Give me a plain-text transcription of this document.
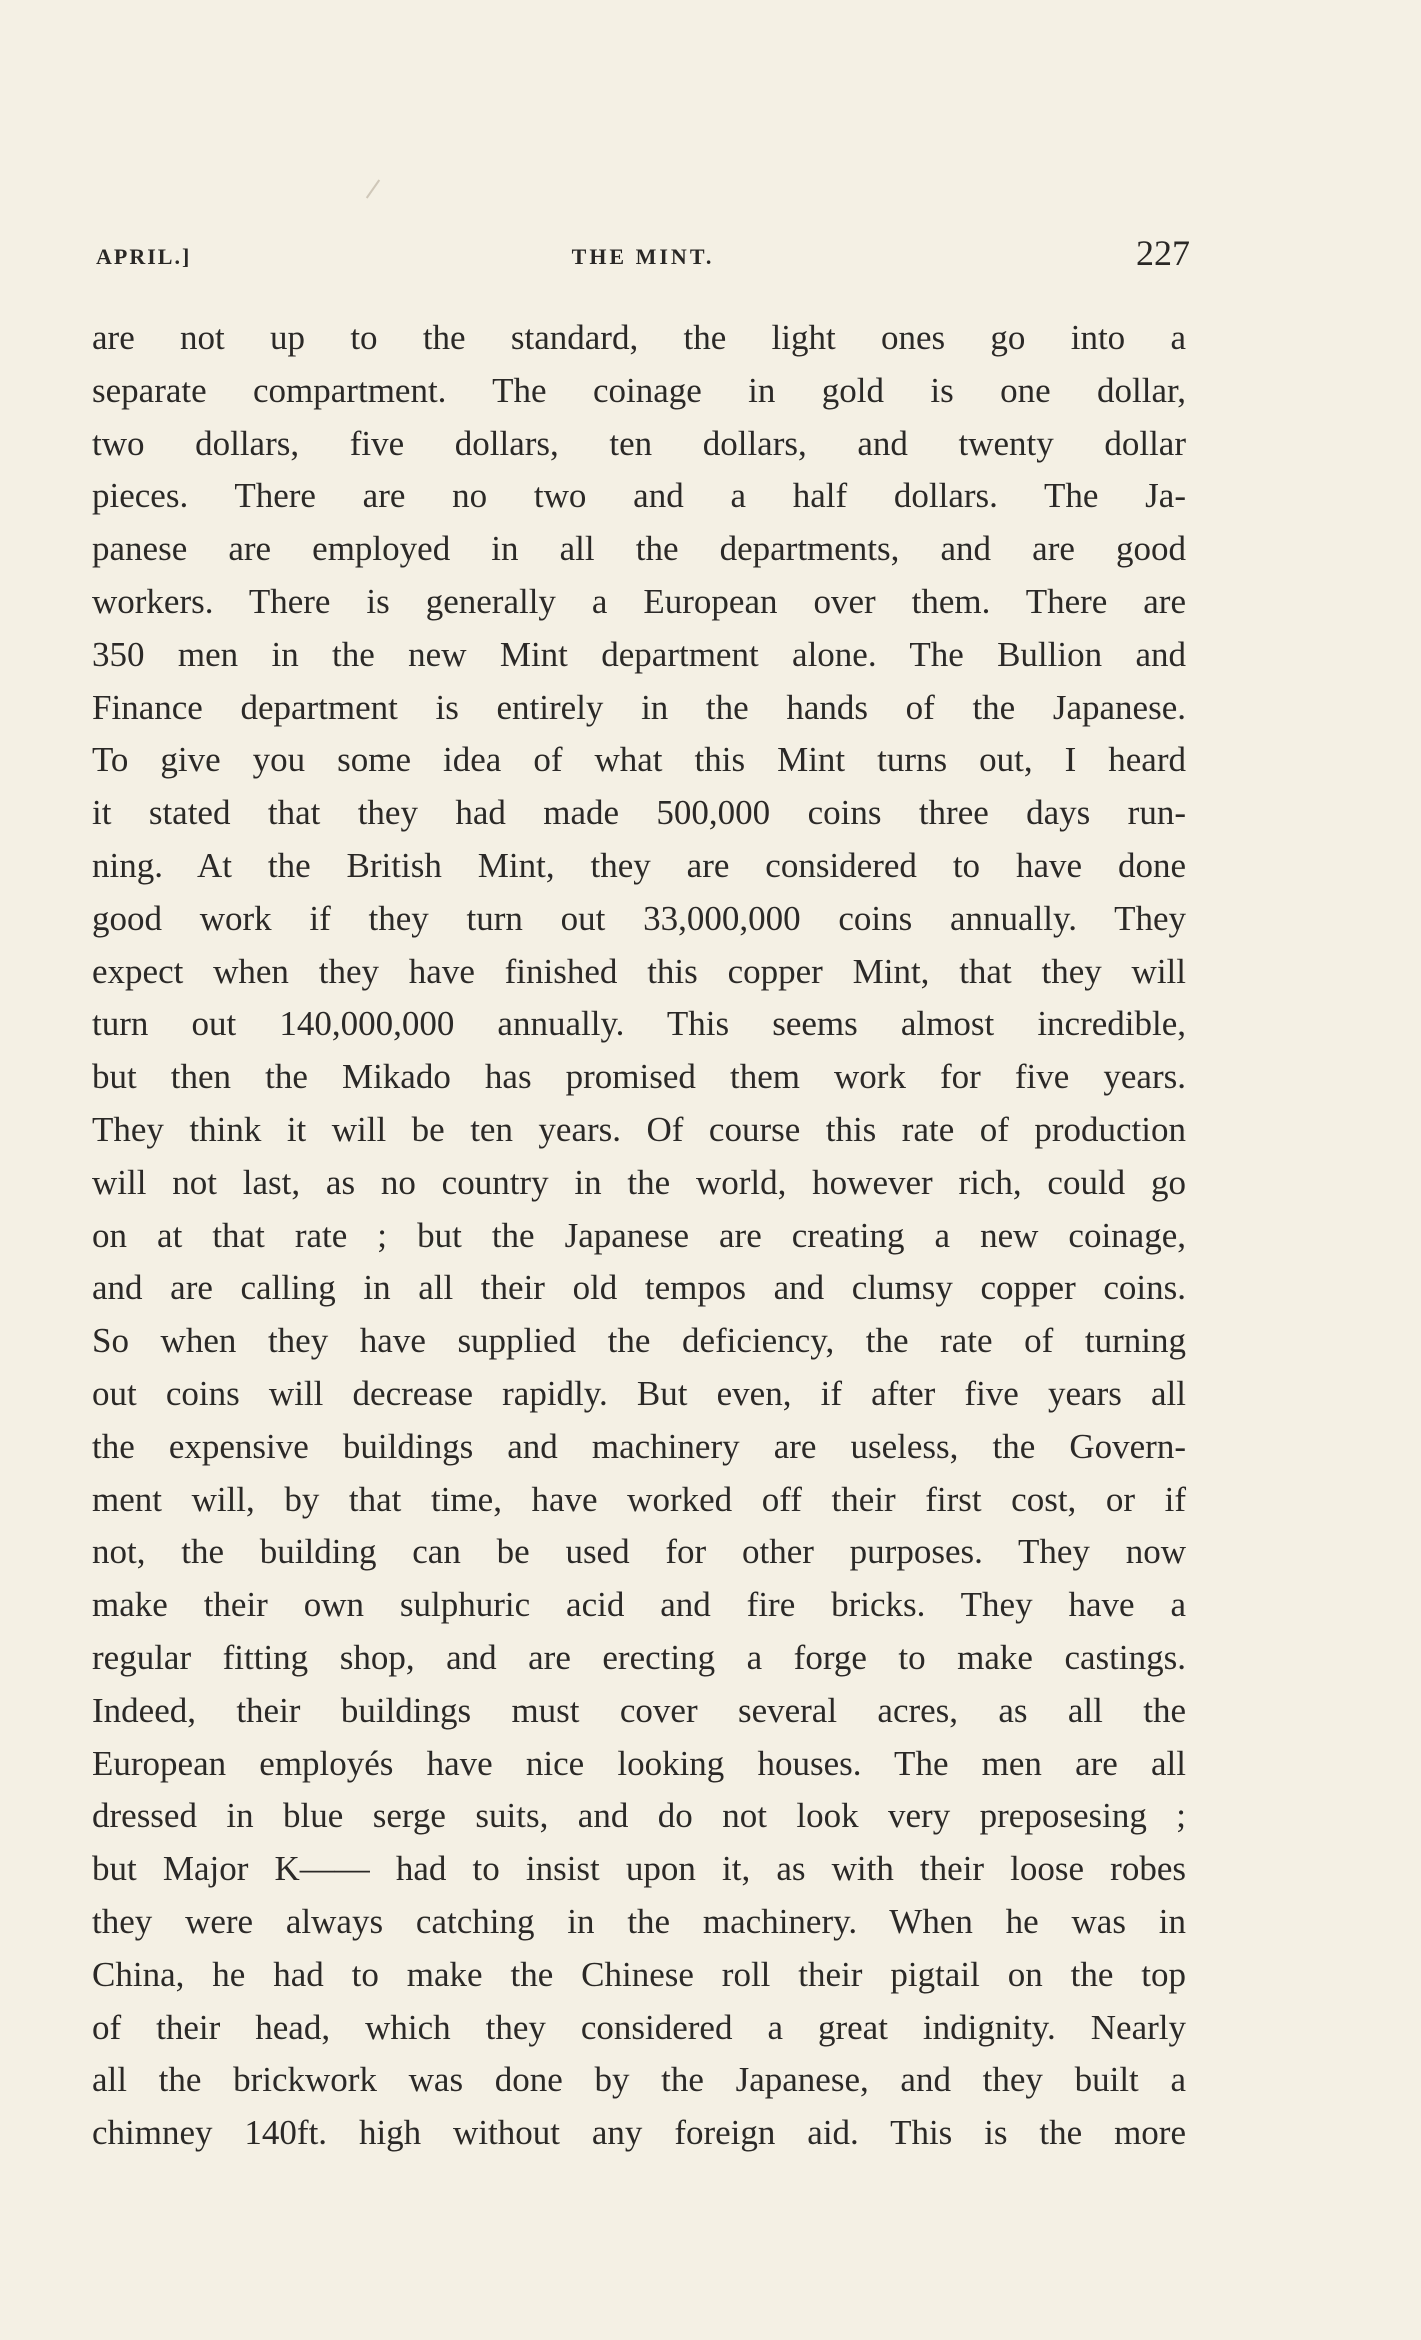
APRIL.]	THE MINT.	227
are not up to the standard, the light ones go into a
separate compartment. The coinage in gold is one dollar,
two dollars, five dollars, ten dollars, and twenty dollar
pieces. There are no two and a half dollars. The Ja-
panese are employed in all the departments, and are good
workers. There is generally a European over them. There are
350 men in the new Mint department alone. The Bullion and
Finance department is entirely in the hands of the Japanese.
To give you some idea of what this Mint turns out, I heard
it stated that they had made 500,000 coins three days run-
ning. At the British Mint, they are considered to have done
good work if they turn out 33,000,000 coins annually. They
expect when they have finished this copper Mint, that they will
turn out 140,000,000 annually. This seems almost incredible,
but then the Mikado has promised them work for five years.
They think it will be ten years. Of course this rate of production
will not last, as no country in the world, however rich, could go
on at that rate ; but the Japanese are creating a new coinage,
and are calling in all their old tempos and clumsy copper coins.
So when they have supplied the deficiency, the rate of turning
out coins will decrease rapidly. But even, if after five years all
the expensive buildings and machinery are useless, the Govern-
ment will, by that time, have worked off their first cost, or if
not, the building can be used for other purposes. They now
make their own sulphuric acid and fire bricks. They have a
regular fitting shop, and are erecting a forge to make castings.
Indeed, their buildings must cover several acres, as all the
European employés have nice looking houses. The men are all
dressed in blue serge suits, and do not look very preposesing ;
but Major K—— had to insist upon it, as with their loose robes
they were always catching in the machinery. When he was in
China, he had to make the Chinese roll their pigtail on the top
of their head, which they considered a great indignity. Nearly
all the brickwork was done by the Japanese, and they built a
chimney 140ft. high without any foreign aid. This is the more
